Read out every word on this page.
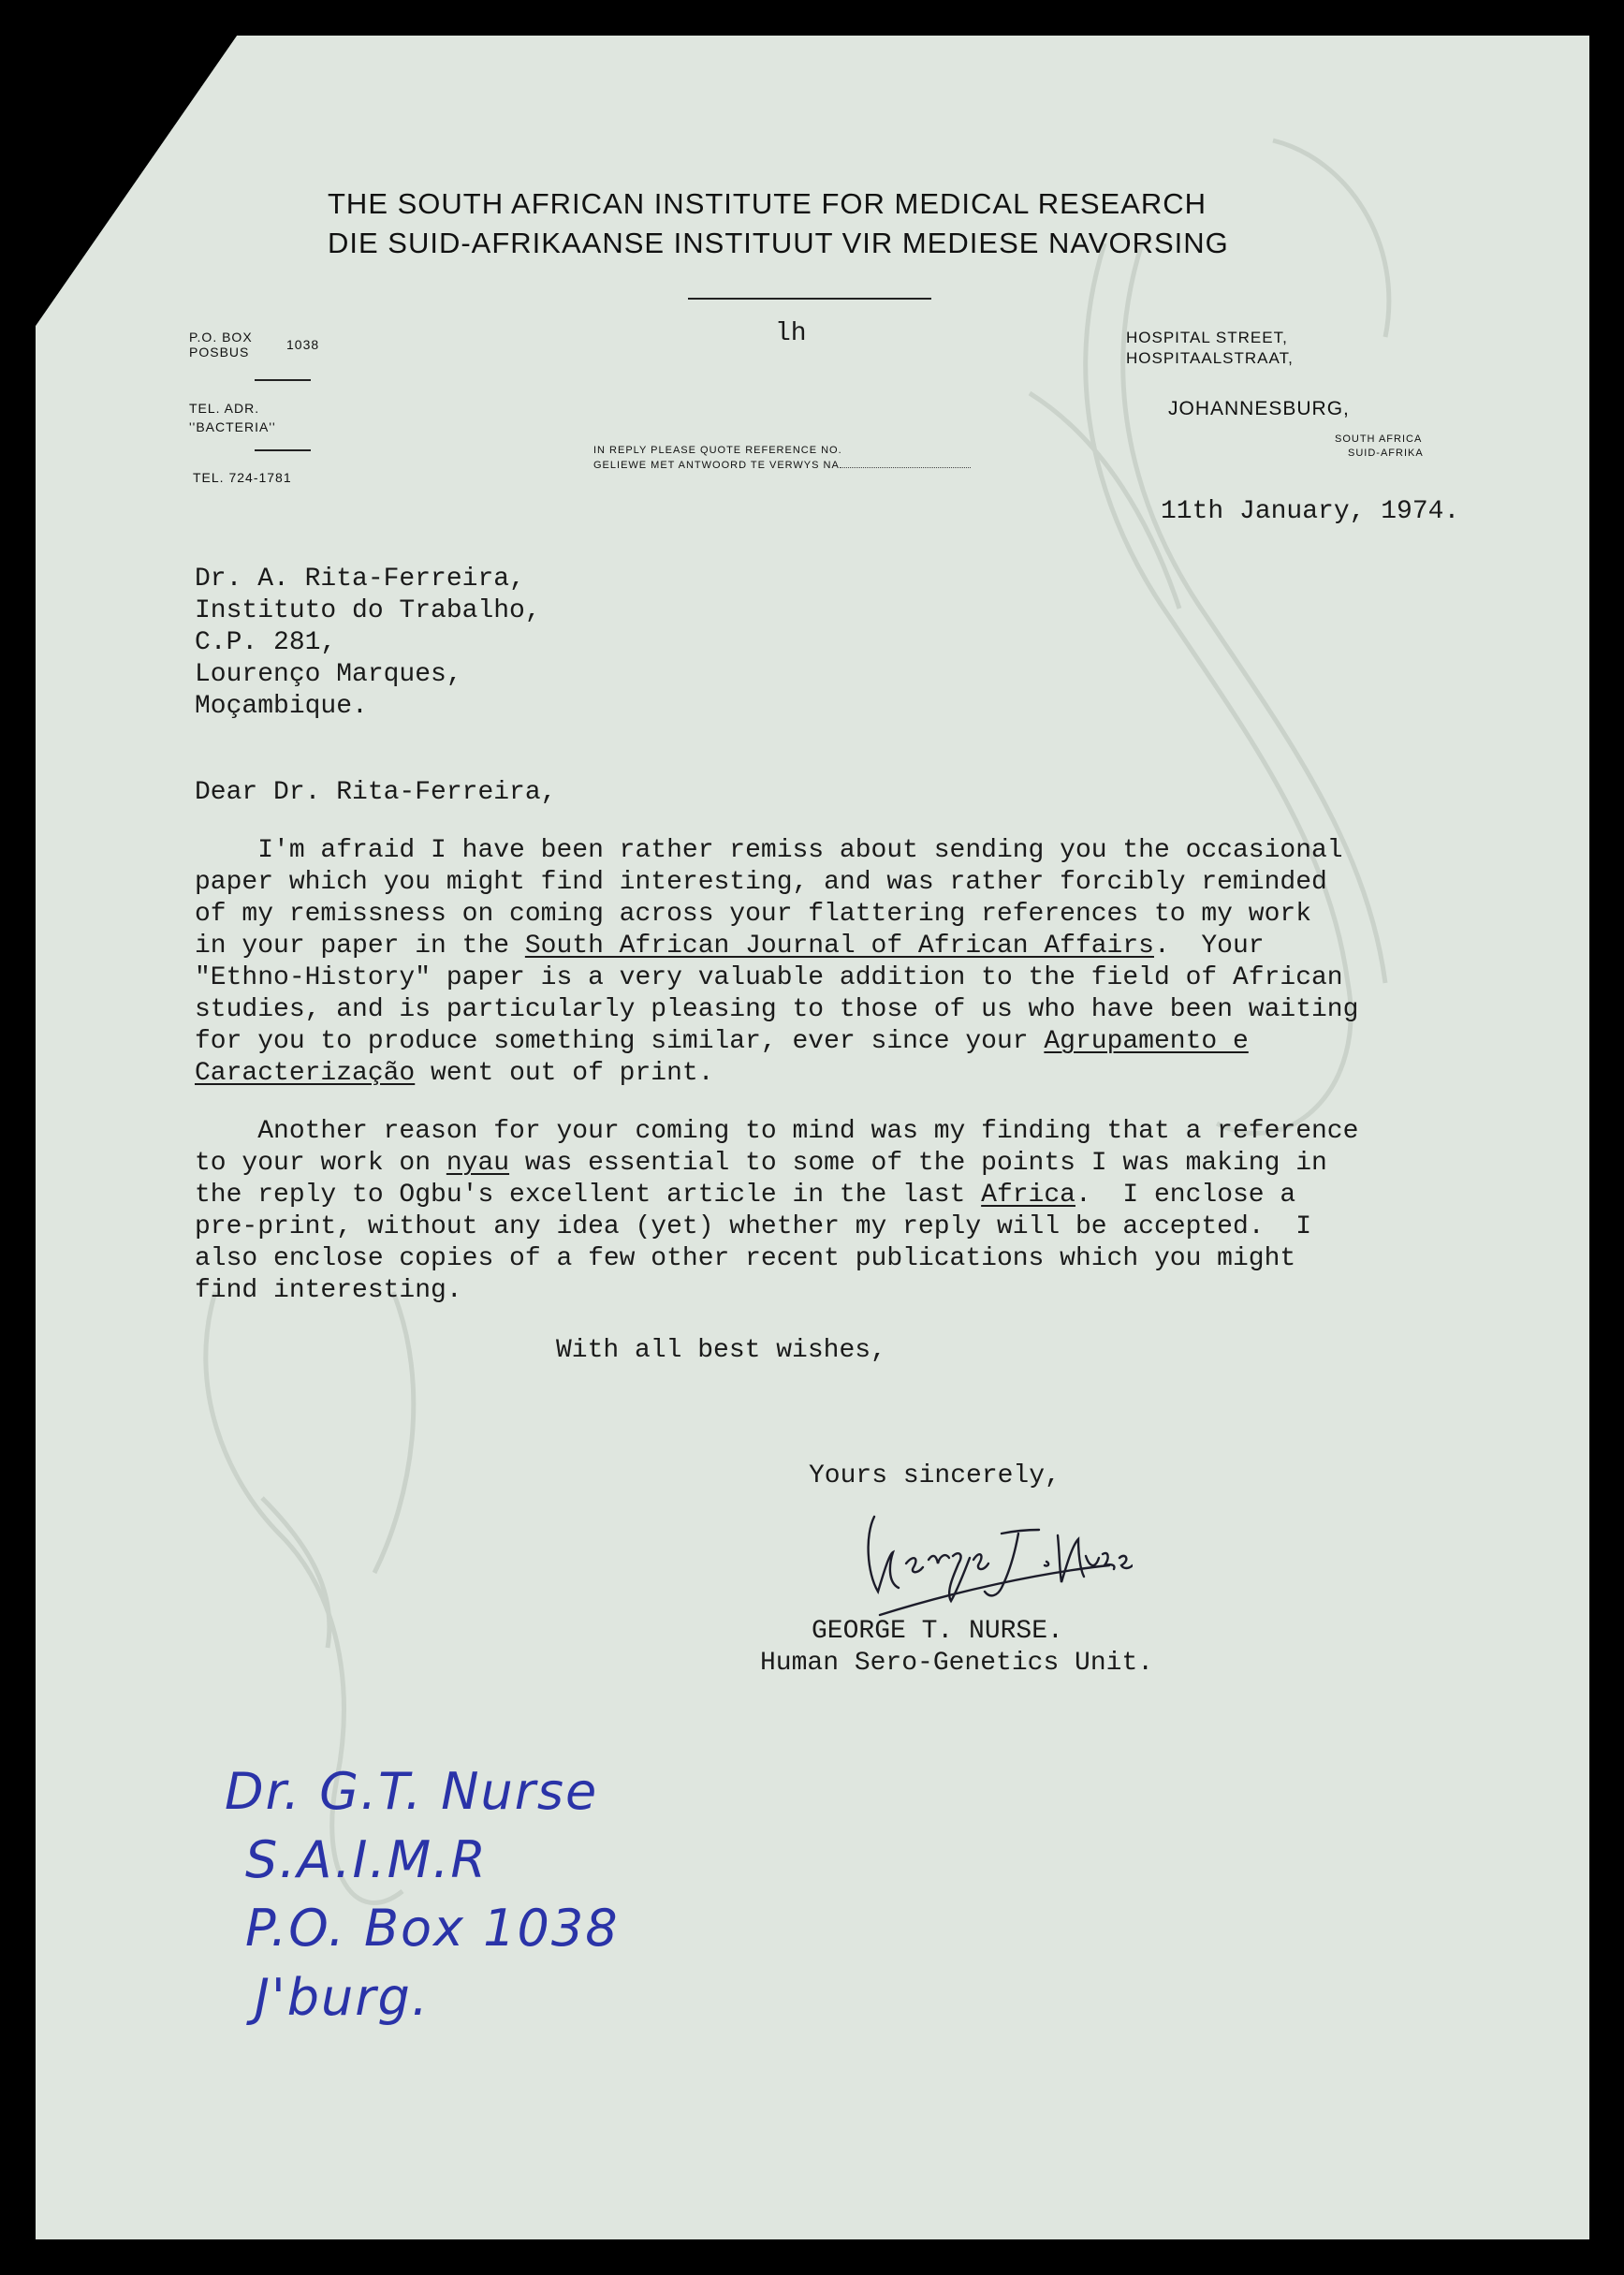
THE SOUTH AFRICAN INSTITUTE FOR MEDICAL RESEARCH
DIE SUID-AFRIKAANSE INSTITUUT VIR MEDIESE NAVORSING
P.O. BOX
POSBUS	1038
TEL. ADR.
''BACTERIA''
TEL. 724-1781
lh
IN REPLY PLEASE QUOTE REFERENCE NO.
GELIEWE MET ANTWOORD TE VERWYS NA
HOSPITAL STREET,
HOSPITAALSTRAAT,
JOHANNESBURG,
SOUTH AFRICA
SUID-AFRIKA
11th January, 1974.
Dr. A. Rita-Ferreira,
Instituto do Trabalho,
C.P. 281,
Lourenço Marques,
Moçambique.
Dear Dr. Rita-Ferreira,
I'm afraid I have been rather remiss about sending you the occasional
paper which you might find interesting, and was rather forcibly reminded
of my remissness on coming across your flattering references to my work
in your paper in the South African Journal of African Affairs.  Your
"Ethno-History" paper is a very valuable addition to the field of African
studies, and is particularly pleasing to those of us who have been waiting
for you to produce something similar, ever since your Agrupamento e
Caracterização went out of print.
Another reason for your coming to mind was my finding that a reference
to your work on nyau was essential to some of the points I was making in
the reply to Ogbu's excellent article in the last Africa.  I enclose a
pre-print, without any idea (yet) whether my reply will be accepted.  I
also enclose copies of a few other recent publications which you might
find interesting.
With all best wishes,
Yours sincerely,
GEORGE T. NURSE.
Human Sero-Genetics Unit.
Dr. G.T. Nurse
S.A.I.M.R
P.O. Box 1038
J'burg.
